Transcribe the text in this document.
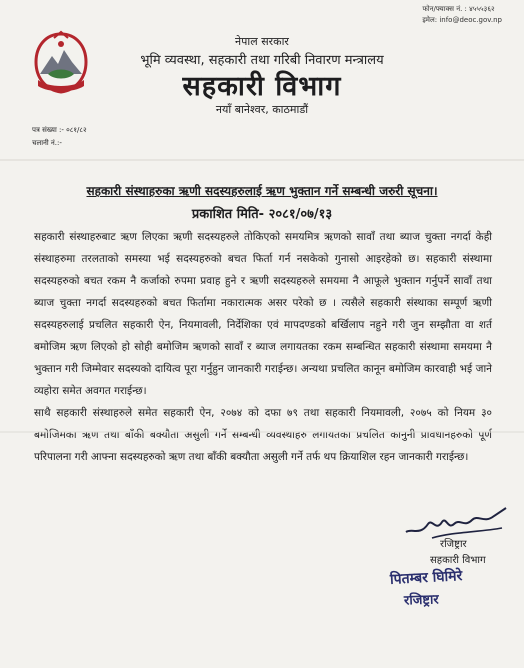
फोन/फ्याक्स नं. : ४५५५३६२
इमेल: info@deoc.gov.np
नेपाल सरकार
भूमि व्यवस्था, सहकारी तथा गरिबी निवारण मन्त्रालय
सहकारी विभाग
नयाँ बानेश्वर, काठमाडौं
पत्र संख्या :- ०८१/८२
चलानी नं.:-
सहकारी संस्थाहरुका ऋणी सदस्यहरुलाई ऋण भुक्तान गर्ने सम्बन्धी जरुरी सूचना।
प्रकाशित मिति- २०८१/०७/१३

सहकारी संस्थाहरुबाट ऋण लिएका ऋणी सदस्यहरुले तोकिएको समयमित्र ऋणको सावाँ तथा ब्याज चुक्ता नगर्दा केही संस्थाहरुमा तरलताको समस्या भई सदस्यहरुको बचत फिर्ता गर्न नसकेको गुनासो आइरहेको छ। सहकारी संस्थामा सदस्यहरुको बचत रकम नै कर्जाको रुपमा प्रवाह हुने र ऋणी सदस्यहरुले समयमा नै आफूले भुक्तान गर्नुपर्ने सावाँ तथा ब्याज चुक्ता नगर्दा सदस्यहरुको बचत फिर्तामा नकारात्मक असर परेको छ । त्यसैले सहकारी संस्थाका सम्पूर्ण ऋणी सदस्यहरुलाई प्रचलित सहकारी ऐन, नियमावली, निर्देशिका एवं मापदण्डको बर्खिलाप नहुने गरी जुन सम्झौता वा शर्त बमोजिम ऋण लिएको हो सोही बमोजिम ऋणको सावाँ र ब्याज लगायतका रकम सम्बन्धित सहकारी संस्थामा समयमा नै भुक्तान गरी जिम्मेवार सदस्यको दायित्व पूरा गर्नुहुन जानकारी गराईन्छ। अन्यथा प्रचलित कानून बमोजिम कारवाही भई जाने व्यहोरा समेत अवगत गराईन्छ।

साथै सहकारी संस्थाहरुले समेत सहकारी ऐन, २०७४ को दफा ७९ तथा सहकारी नियमावली, २०७५ को नियम ३० बमोजिमका ऋण तथा बाँकी बक्यौता असुली गर्ने सम्बन्धी व्यवस्थाहरु लगायतका प्रचलित कानुनी प्रावधानहरुको पूर्ण परिपालना गरी आफ्ना सदस्यहरुको ऋण तथा बाँकी बक्यौता असुली गर्ने तर्फ थप क्रियाशिल रहन जानकारी गराईन्छ।

रजिष्ट्रार
सहकारी विभाग
पितम्बर घिमिरे
रजिष्ट्रार
